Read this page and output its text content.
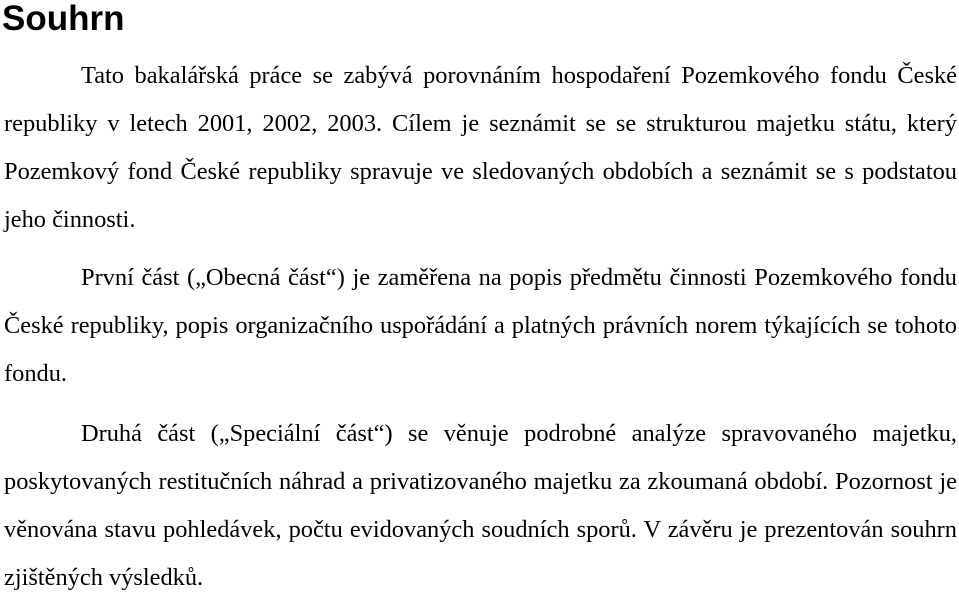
Souhrn

Tato bakalářská práce se zabývá porovnáním hospodaření Pozemkového fondu České republiky v letech 2001, 2002, 2003. Cílem je seznámit se se strukturou majetku státu, který Pozemkový fond České republiky spravuje ve sledovaných obdobích a seznámit se s podstatou jeho činnosti.

První část („Obecná část“) je zaměřena na popis předmětu činnosti Pozemkového fondu České republiky, popis organizačního uspořádání a platných právních norem týkajících se tohoto fondu.

Druhá část („Speciální část“) se věnuje podrobné analýze spravovaného majetku, poskytovaných restitučních náhrad a privatizovaného majetku za zkoumaná období. Pozornost je věnována stavu pohledávek, počtu evidovaných soudních sporů. V závěru je prezentován souhrn zjištěných výsledků.
